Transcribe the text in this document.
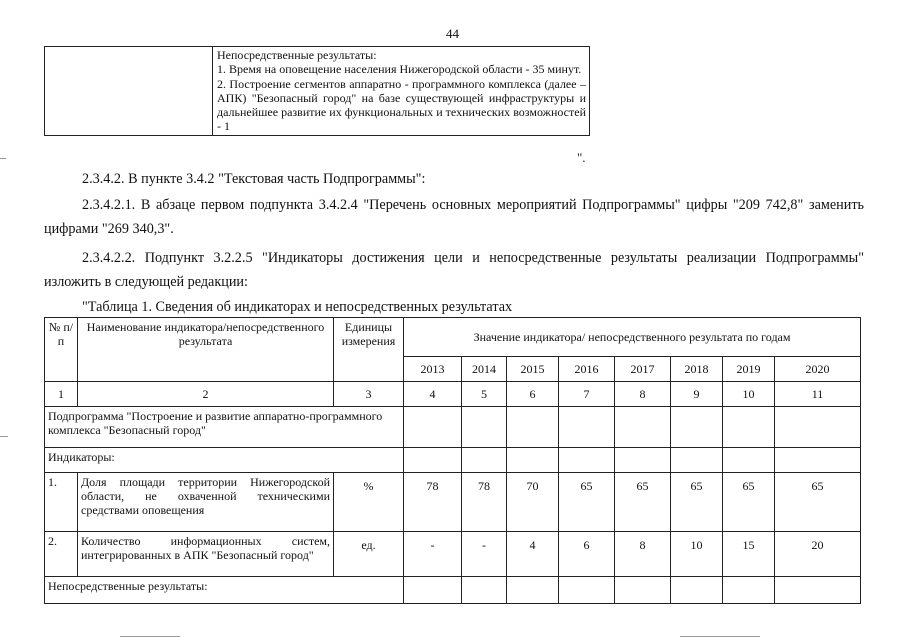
44

Непосредственные результаты:
1. Время на оповещение населения Нижегородской области - 35 минут.
2. Построение сегментов аппаратно - программного комплекса (далее –АПК) "Безопасный город" на базе существующей инфраструктуры и дальнейшее развитие их функциональных и технических возможностей - 1
".

2.3.4.2. В пункте 3.4.2 "Текстовая часть Подпрограммы":

2.3.4.2.1. В абзаце первом подпункта 3.4.2.4 "Перечень основных мероприятий Подпрограммы" цифры "209 742,8" заменить цифрами "269 340,3".

2.3.4.2.2. Подпункт 3.2.2.5 "Индикаторы достижения цели и непосредственные результаты реализации Подпрограммы" изложить в следующей редакции:

"Таблица 1. Сведения об индикаторах и непосредственных результатах

№ п/п	Наименование индикатора/непосредственного результата	Единицы измерения	Значение индикатора/ непосредственного результата по годам							
			2013	2014	2015	2016	2017	2018	2019	2020
1	2	3	4	5	6	7	8	9	10	11
Подпрограмма "Построение и развитие аппаратно-программного комплекса "Безопасный город"										
Индикаторы:										
1.	Доля площади территории Нижегородской области, не охваченной техническими средствами оповещения	%	78	78	70	65	65	65	65	65
2.	Количество информационных систем, интегрированных в АПК "Безопасный город"	ед.	-	-	4	6	8	10	15	20
Непосредственные результаты:										
